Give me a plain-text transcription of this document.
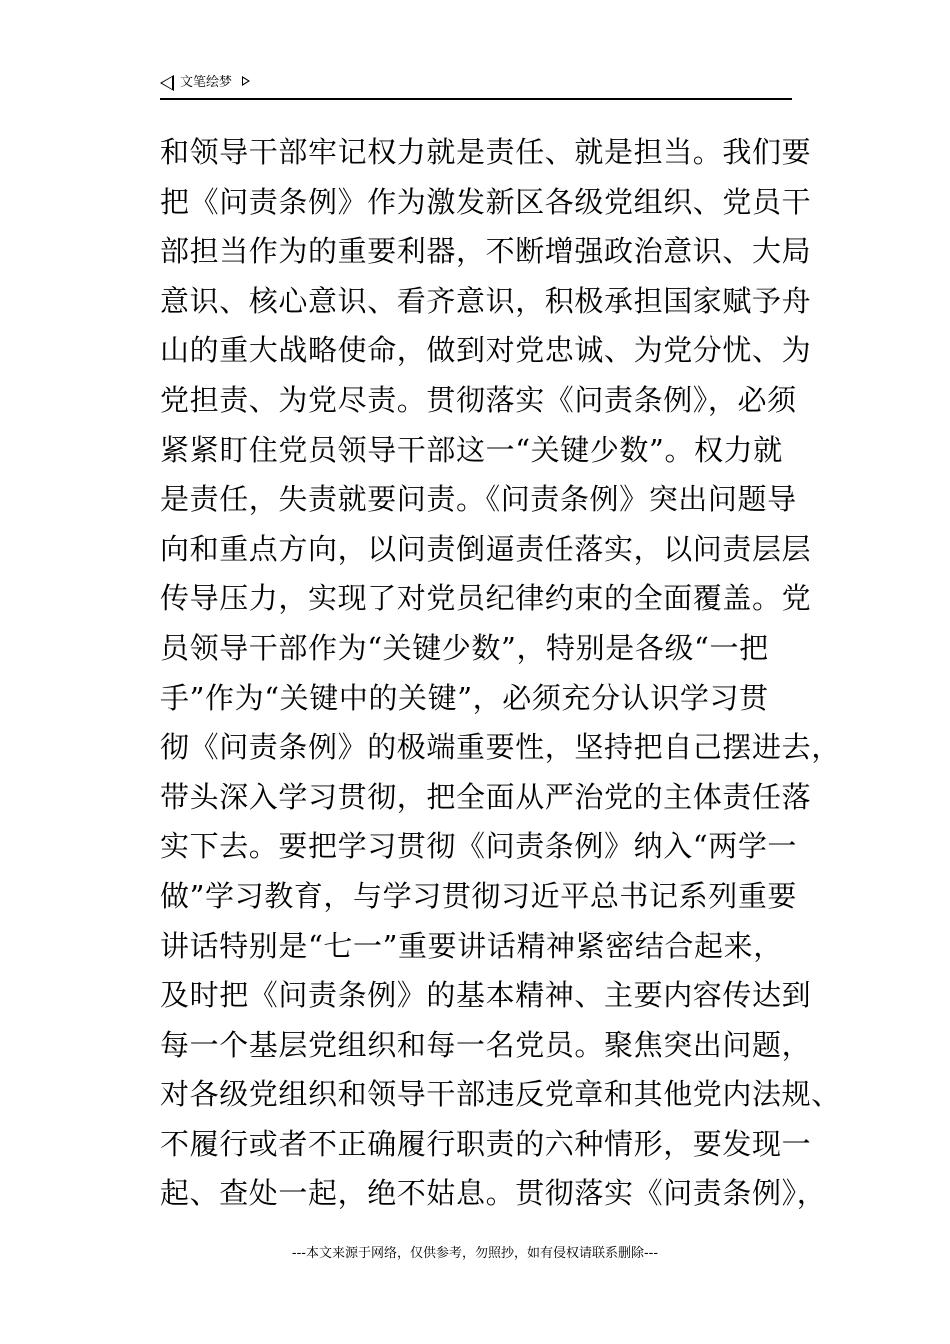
文笔绘梦
和领导干部牢记权力就是责任、就是担当。我们要
把《问责条例》作为激发新区各级党组织、党员干
部担当作为的重要利器，不断增强政治意识、大局
意识、核心意识、看齐意识，积极承担国家赋予舟
山的重大战略使命，做到对党忠诚、为党分忧、为
党担责、为党尽责。贯彻落实《问责条例》，必须
紧紧盯住党员领导干部这一“关键少数”。权力就
是责任，失责就要问责。《问责条例》突出问题导
向和重点方向，以问责倒逼责任落实，以问责层层
传导压力，实现了对党员纪律约束的全面覆盖。党
员领导干部作为“关键少数”，特别是各级“一把
手”作为“关键中的关键”，必须充分认识学习贯
彻《问责条例》的极端重要性，坚持把自己摆进去，
带头深入学习贯彻，把全面从严治党的主体责任落
实下去。要把学习贯彻《问责条例》纳入“两学一
做”学习教育，与学习贯彻习近平总书记系列重要
讲话特别是“七一”重要讲话精神紧密结合起来，
及时把《问责条例》的基本精神、主要内容传达到
每一个基层党组织和每一名党员。聚焦突出问题，
对各级党组织和领导干部违反党章和其他党内法规、
不履行或者不正确履行职责的六种情形，要发现一
起、查处一起，绝不姑息。贯彻落实《问责条例》，
---本文来源于网络，仅供参考，勿照抄，如有侵权请联系删除---
